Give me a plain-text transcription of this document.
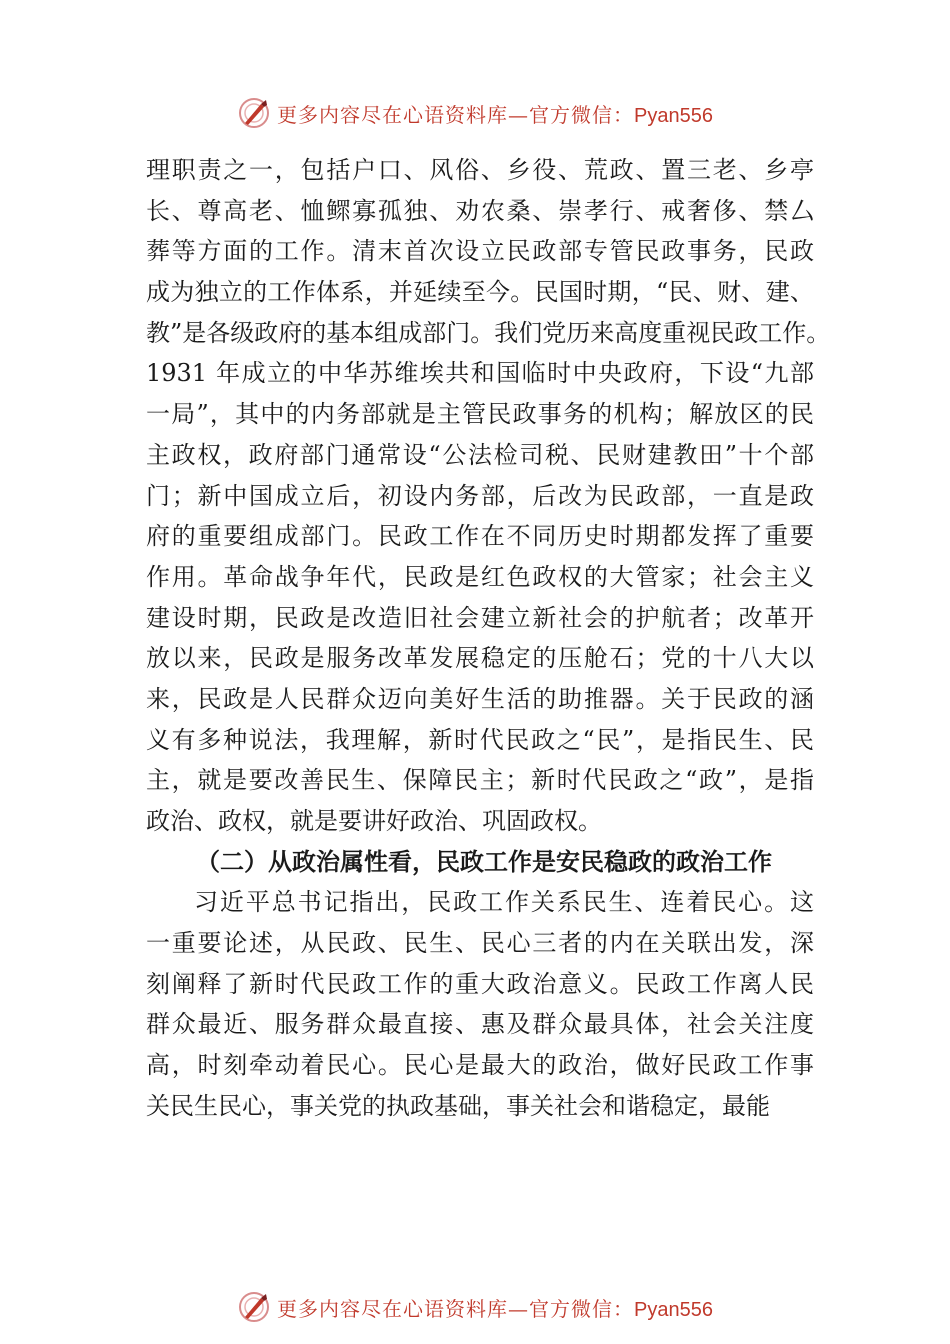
更多内容尽在心语资料库—官方微信：Pyan556
理职责之一，包括户口、风俗、乡役、荒政、置三老、乡亭
长、尊高老、恤鳏寡孤独、劝农桑、崇孝行、戒奢侈、禁厶
葬等方面的工作。清末首次设立民政部专管民政事务，民政
成为独立的工作体系，并延续至今。民国时期，“民、财、建、
教”是各级政府的基本组成部门。我们党历来高度重视民政工作。
1931 年成立的中华苏维埃共和国临时中央政府，下设“九部
一局”，其中的内务部就是主管民政事务的机构；解放区的民
主政权，政府部门通常设“公法检司税、民财建教田”十个部
门；新中国成立后，初设内务部，后改为民政部，一直是政
府的重要组成部门。民政工作在不同历史时期都发挥了重要
作用。革命战争年代，民政是红色政权的大管家；社会主义
建设时期，民政是改造旧社会建立新社会的护航者；改革开
放以来，民政是服务改革发展稳定的压舱石；党的十八大以
来，民政是人民群众迈向美好生活的助推器。关于民政的涵
义有多种说法，我理解，新时代民政之“民”，是指民生、民
主，就是要改善民生、保障民主；新时代民政之“政”，是指
政治、政权，就是要讲好政治、巩固政权。
（二）从政治属性看，民政工作是安民稳政的政治工作
习近平总书记指出，民政工作关系民生、连着民心。这
一重要论述，从民政、民生、民心三者的内在关联出发，深
刻阐释了新时代民政工作的重大政治意义。民政工作离人民
群众最近、服务群众最直接、惠及群众最具体，社会关注度
高，时刻牵动着民心。民心是最大的政治，做好民政工作事
关民生民心，事关党的执政基础，事关社会和谐稳定，最能
更多内容尽在心语资料库—官方微信：Pyan556
